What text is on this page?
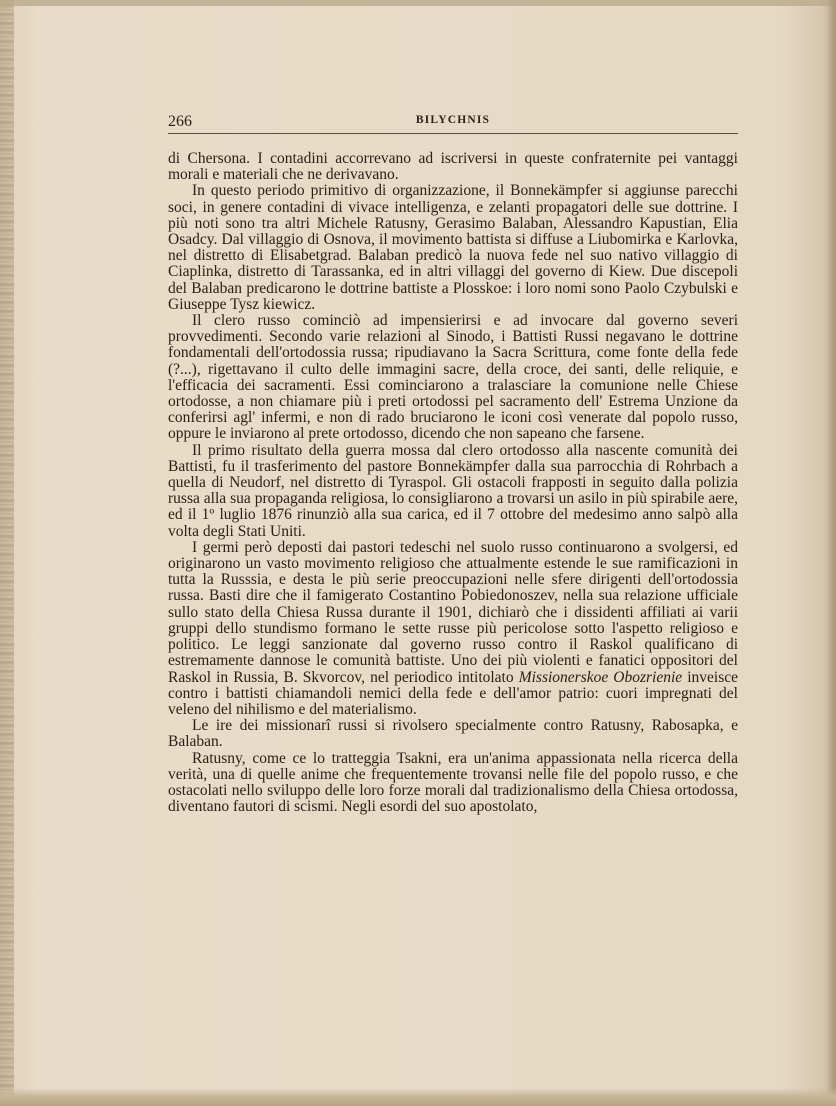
266	BILYCHNIS

di Chersona. I contadini accorrevano ad iscriversi in queste confraternite pei vantaggi morali e materiali che ne derivavano.

In questo periodo primitivo di organizzazione, il Bonnekämpfer si aggiunse parecchi soci, in genere contadini di vivace intelligenza, e zelanti propagatori delle sue dottrine. I più noti sono tra altri Michele Ratusny, Gerasimo Balaban, Alessandro Kapustian, Elia Osadcy. Dal villaggio di Osnova, il movimento battista si diffuse a Liubomirka e Karlovka, nel distretto di Elisabetgrad. Balaban predicò la nuova fede nel suo nativo villaggio di Ciaplinka, distretto di Tarassanka, ed in altri villaggi del governo di Kiew. Due discepoli del Balaban predicarono le dottrine battiste a Plosskoe: i loro nomi sono Paolo Czybulski e Giuseppe Tysz kiewicz.

Il clero russo cominciò ad impensierirsi e ad invocare dal governo severi provvedimenti. Secondo varie relazioni al Sinodo, i Battisti Russi negavano le dottrine fondamentali dell'ortodossia russa; ripudiavano la Sacra Scrittura, come fonte della fede (?...), rigettavano il culto delle immagini sacre, della croce, dei santi, delle reliquie, e l'efficacia dei sacramenti. Essi cominciarono a tralasciare la comunione nelle Chiese ortodosse, a non chiamare più i preti ortodossi pel sacramento dell' Estrema Unzione da conferirsi agl' infermi, e non di rado bruciarono le iconi così venerate dal popolo russo, oppure le inviarono al prete ortodosso, dicendo che non sapeano che farsene.

Il primo risultato della guerra mossa dal clero ortodosso alla nascente comunità dei Battisti, fu il trasferimento del pastore Bonnekämpfer dalla sua parrocchia di Rohrbach a quella di Neudorf, nel distretto di Tyraspol. Gli ostacoli frapposti in seguito dalla polizia russa alla sua propaganda religiosa, lo consigliarono a trovarsi un asilo in più spirabile aere, ed il 1º luglio 1876 rinunziò alla sua carica, ed il 7 ottobre del medesimo anno salpò alla volta degli Stati Uniti.

I germi però deposti dai pastori tedeschi nel suolo russo continuarono a svolgersi, ed originarono un vasto movimento religioso che attualmente estende le sue ramificazioni in tutta la Russsia, e desta le più serie preoccupazioni nelle sfere dirigenti dell'ortodossia russa. Basti dire che il famigerato Costantino Pobiedonoszev, nella sua relazione ufficiale sullo stato della Chiesa Russa durante il 1901, dichiarò che i dissidenti affiliati ai varii gruppi dello stundismo formano le sette russe più pericolose sotto l'aspetto religioso e politico. Le leggi sanzionate dal governo russo contro il Raskol qualificano di estremamente dannose le comunità battiste. Uno dei più violenti e fanatici oppositori del Raskol in Russia, B. Skvorcov, nel periodico intitolato Missionerskoe Obozrienie inveisce contro i battisti chiamandoli nemici della fede e dell'amor patrio: cuori impregnati del veleno del nihilismo e del materialismo.

Le ire dei missionarî russi si rivolsero specialmente contro Ratusny, Rabosapka, e Balaban.

Ratusny, come ce lo tratteggia Tsakni, era un'anima appassionata nella ricerca della verità, una di quelle anime che frequentemente trovansi nelle file del popolo russo, e che ostacolati nello sviluppo delle loro forze morali dal tradizionalismo della Chiesa ortodossa, diventano fautori di scismi. Negli esordi del suo apostolato,
